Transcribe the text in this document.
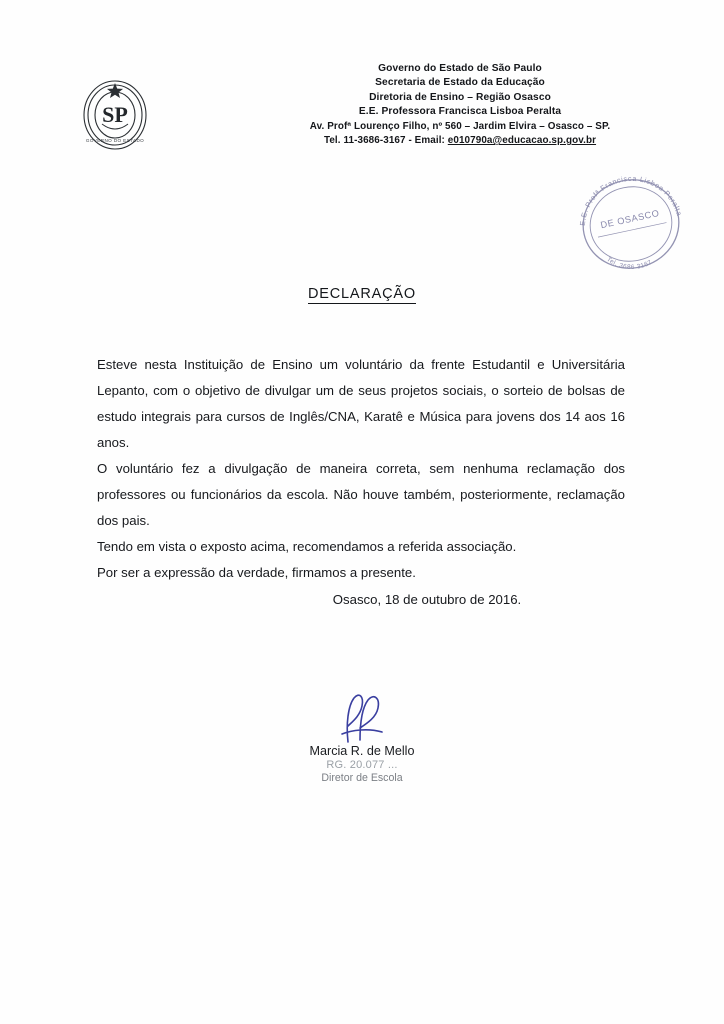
SP
GOVERNO DO ESTADO
Governo do Estado de São Paulo
Secretaria de Estado da Educação
Diretoria de Ensino – Região Osasco
E.E. Professora Francisca Lisboa Peralta
Av. Profª Lourenço Filho, nº 560 – Jardim Elvira – Osasco – SP.
Tel. 11-3686-3167 - Email: e010790a@educacao.sp.gov.br
E.E. Profª Francisca Lisboa Peralta
Tel. 3686 3167
DE OSASCO
DECLARAÇÃO

Esteve nesta Instituição de Ensino um voluntário da frente Estudantil e Universitária Lepanto, com o objetivo de divulgar um de seus projetos sociais, o sorteio de bolsas de estudo integrais para cursos de Inglês/CNA, Karatê e Música para jovens dos 14 aos 16 anos.

O voluntário fez a divulgação de maneira correta, sem nenhuma reclamação dos professores ou funcionários da escola. Não houve também, posteriormente, reclamação dos pais.

Tendo em vista o exposto acima, recomendamos a referida associação.

Por ser a expressão da verdade, firmamos a presente.

Osasco, 18 de outubro de 2016.
Marcia R. de Mello
RG. 20.077 ...
Diretor de Escola
